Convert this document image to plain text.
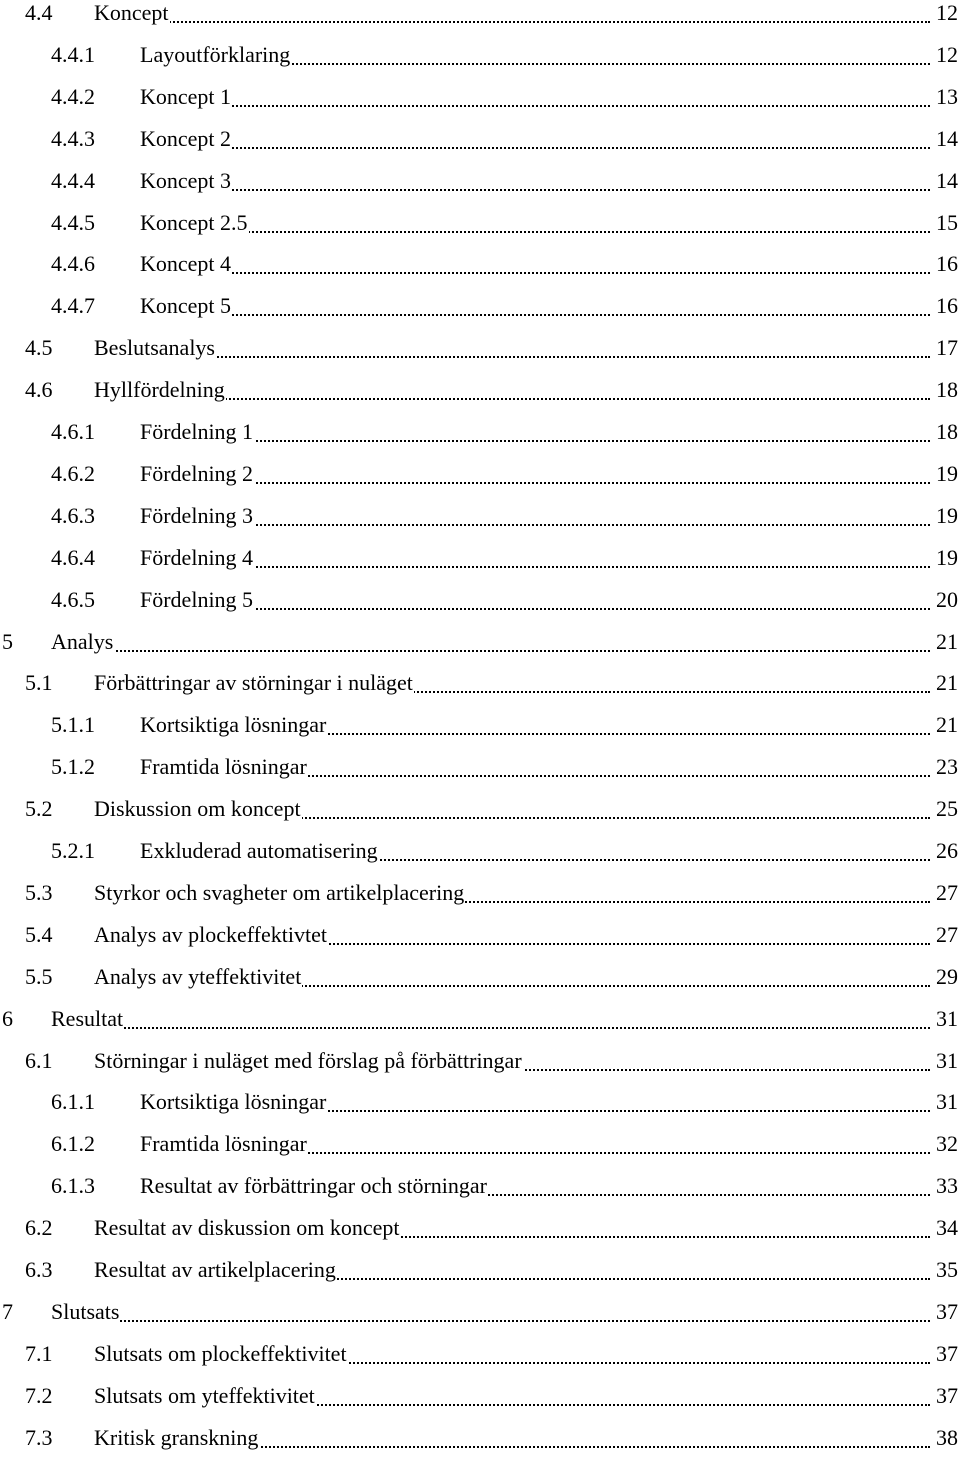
4.4 Koncept	12
4.4.1 Layoutförklaring	12
4.4.2 Koncept 1	13
4.4.3 Koncept 2	14
4.4.4 Koncept 3	14
4.4.5 Koncept 2.5	15
4.4.6 Koncept 4	16
4.4.7 Koncept 5	16
4.5 Beslutsanalys	17
4.6 Hyllfördelning	18
4.6.1 Fördelning 1	18
4.6.2 Fördelning 2	19
4.6.3 Fördelning 3	19
4.6.4 Fördelning 4	19
4.6.5 Fördelning 5	20
5 Analys	21
5.1 Förbättringar av störningar i nuläget	21
5.1.1 Kortsiktiga lösningar	21
5.1.2 Framtida lösningar	23
5.2 Diskussion om koncept	25
5.2.1 Exkluderad automatisering	26
5.3 Styrkor och svagheter om artikelplacering	27
5.4 Analys av plockeffektivtet	27
5.5 Analys av yteffektivitet	29
6 Resultat	31
6.1 Störningar i nuläget med förslag på förbättringar	31
6.1.1 Kortsiktiga lösningar	31
6.1.2 Framtida lösningar	32
6.1.3 Resultat av förbättringar och störningar	33
6.2 Resultat av diskussion om koncept	34
6.3 Resultat av artikelplacering	35
7 Slutsats	37
7.1 Slutsats om plockeffektivitet	37
7.2 Slutsats om yteffektivitet	37
7.3 Kritisk granskning	38
